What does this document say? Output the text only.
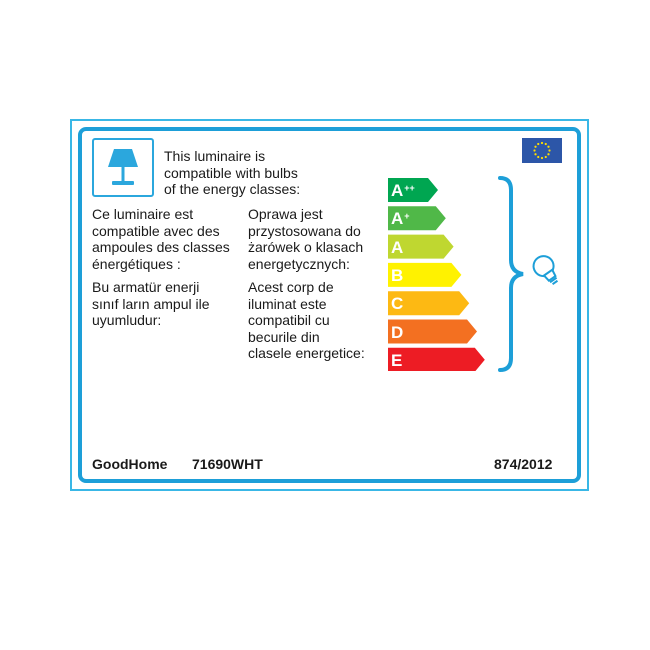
This luminaire is
compatible with bulbs
of the energy classes:
Ce luminaire est
compatible avec des
ampoules des classes
énergétiques :
Oprawa jest
przystosowana do
żarówek o klasach
energetycznych:
Bu armatür enerji
sınıf ların ampul ile
uyumludur:
Acest corp de
iluminat este
compatibil cu
becurile din
clasele energetice:
A++
A+
A
B
C
D
E
GoodHome 71690WHT	874/2012
